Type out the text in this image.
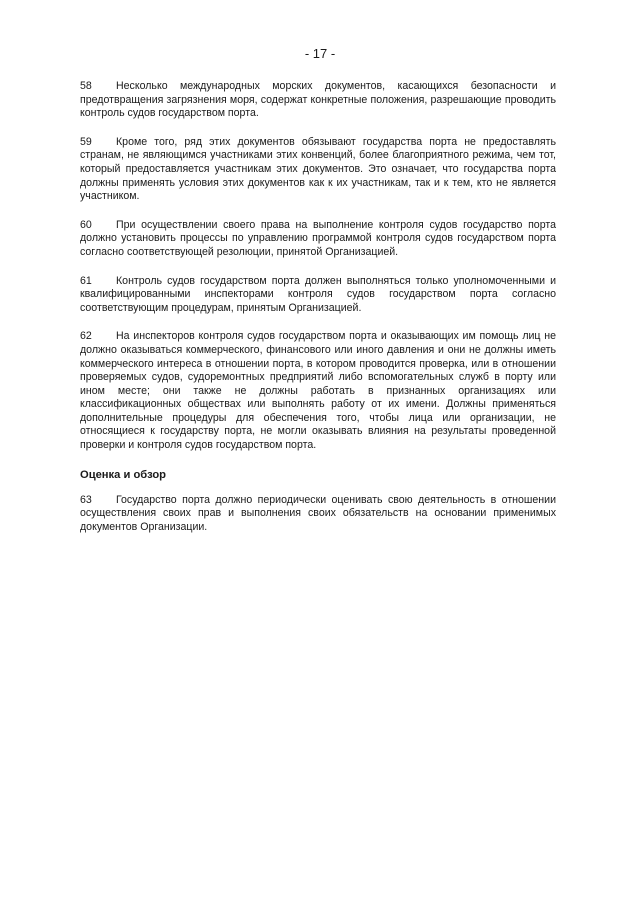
- 17 -

58 Несколько международных морских документов, касающихся безопасности и предотвращения загрязнения моря, содержат конкретные положения, разрешающие проводить контроль судов государством порта.

59 Кроме того, ряд этих документов обязывают государства порта не предоставлять странам, не являющимся участниками этих конвенций, более благоприятного режима, чем тот, который предоставляется участникам этих документов. Это означает, что государства порта должны применять условия этих документов как к их участникам, так и к тем, кто не является участником.

60 При осуществлении своего права на выполнение контроля судов государство порта должно установить процессы по управлению программой контроля судов государством порта согласно соответствующей резолюции, принятой Организацией.

61 Контроль судов государством порта должен выполняться только уполномоченными и квалифицированными инспекторами контроля судов государством порта согласно соответствующим процедурам, принятым Организацией.

62 На инспекторов контроля судов государством порта и оказывающих им помощь лиц не должно оказываться коммерческого, финансового или иного давления и они не должны иметь коммерческого интереса в отношении порта, в котором проводится проверка, или в отношении проверяемых судов, судоремонтных предприятий либо вспомогательных служб в порту или ином месте; они также не должны работать в признанных организациях или классификационных обществах или выполнять работу от их имени. Должны применяться дополнительные процедуры для обеспечения того, чтобы лица или организации, не относящиеся к государству порта, не могли оказывать влияния на результаты проведенной проверки и контроля судов государством порта.

Оценка и обзор

63 Государство порта должно периодически оценивать свою деятельность в отношении осуществления своих прав и выполнения своих обязательств на основании применимых документов Организации.
